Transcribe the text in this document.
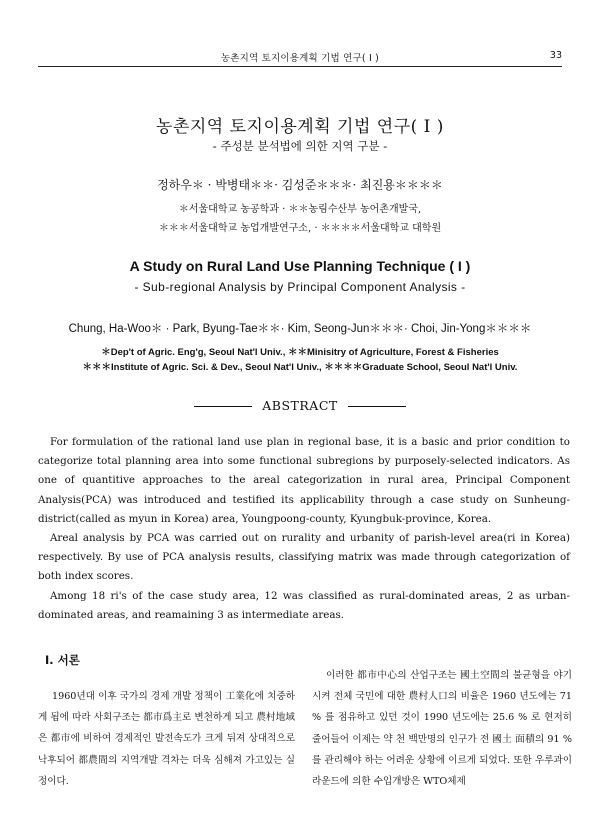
농촌지역 토지이용계획 기법 연구( I )	33
농촌지역 토지이용계획 기법 연구( I )
- 주성분 분석법에 의한 지역 구분 -
정하우＊ · 박병태＊＊· 김성준＊＊＊· 최진용＊＊＊＊
＊서울대학교 농공학과 · ＊＊농림수산부 농어촌개발국,
＊＊＊서울대학교 농업개발연구소, · ＊＊＊＊서울대학교 대학원
A Study on Rural Land Use Planning Technique ( I )
- Sub-regional Analysis by Principal Component Analysis -
Chung, Ha-Woo＊ · Park, Byung-Tae＊＊· Kim, Seong-Jun＊＊＊· Choi, Jin-Yong＊＊＊＊
＊Dep't of Agric. Eng'g, Seoul Nat'l Univ., ＊＊Minisitry of Agriculture, Forest & Fisheries
＊＊＊Institute of Agric. Sci. & Dev., Seoul Nat'l Univ., ＊＊＊＊Graduate School, Seoul Nat'l Univ.
ABSTRACT

For formulation of the rational land use plan in regional base, it is a basic and prior condition to categorize total planning area into some functional subregions by purposely-selected indicators. As one of quantitive approaches to the areal categorization in rural area, Principal Component Analysis(PCA) was introduced and testified its applicability through a case study on Sunheung-district(called as myun in Korea) area, Youngpoong-county, Kyungbuk-province, Korea.

Areal analysis by PCA was carried out on rurality and urbanity of parish-level area(ri in Korea) respectively. By use of PCA analysis results, classifying matrix was made through categorization of both index scores.

Among 18 ri's of the case study area, 12 was classified as rural-dominated areas, 2 as urban-dominated areas, and reamaining 3 as intermediate areas.

Ⅰ. 서론

1960년대 이후 국가의 경제 개발 정책이 工業化에 치중하게 됨에 따라 사회구조는 都市爲主로 변천하게 되고 農村地域은 都市에 비하여 경제적인 발전속도가 크게 뒤져 상대적으로 낙후되어 都農間의 지역개발 격차는 더욱 심해져 가고있는 실정이다.

이러한 都市中心의 산업구조는 國土空間의 불균형을 야기시켜 전체 국민에 대한 農村人口의 비율은 1960 년도에는 71 % 를 점유하고 있던 것이 1990 년도에는 25.6 % 로 현저히 줄어들어 이제는 약 천 백만명의 인구가 전 國土 面積의 91 % 를 관리해야 하는 어려운 상황에 이르게 되었다. 또한 우루과이라운드에 의한 수입개방은 WTO체제
